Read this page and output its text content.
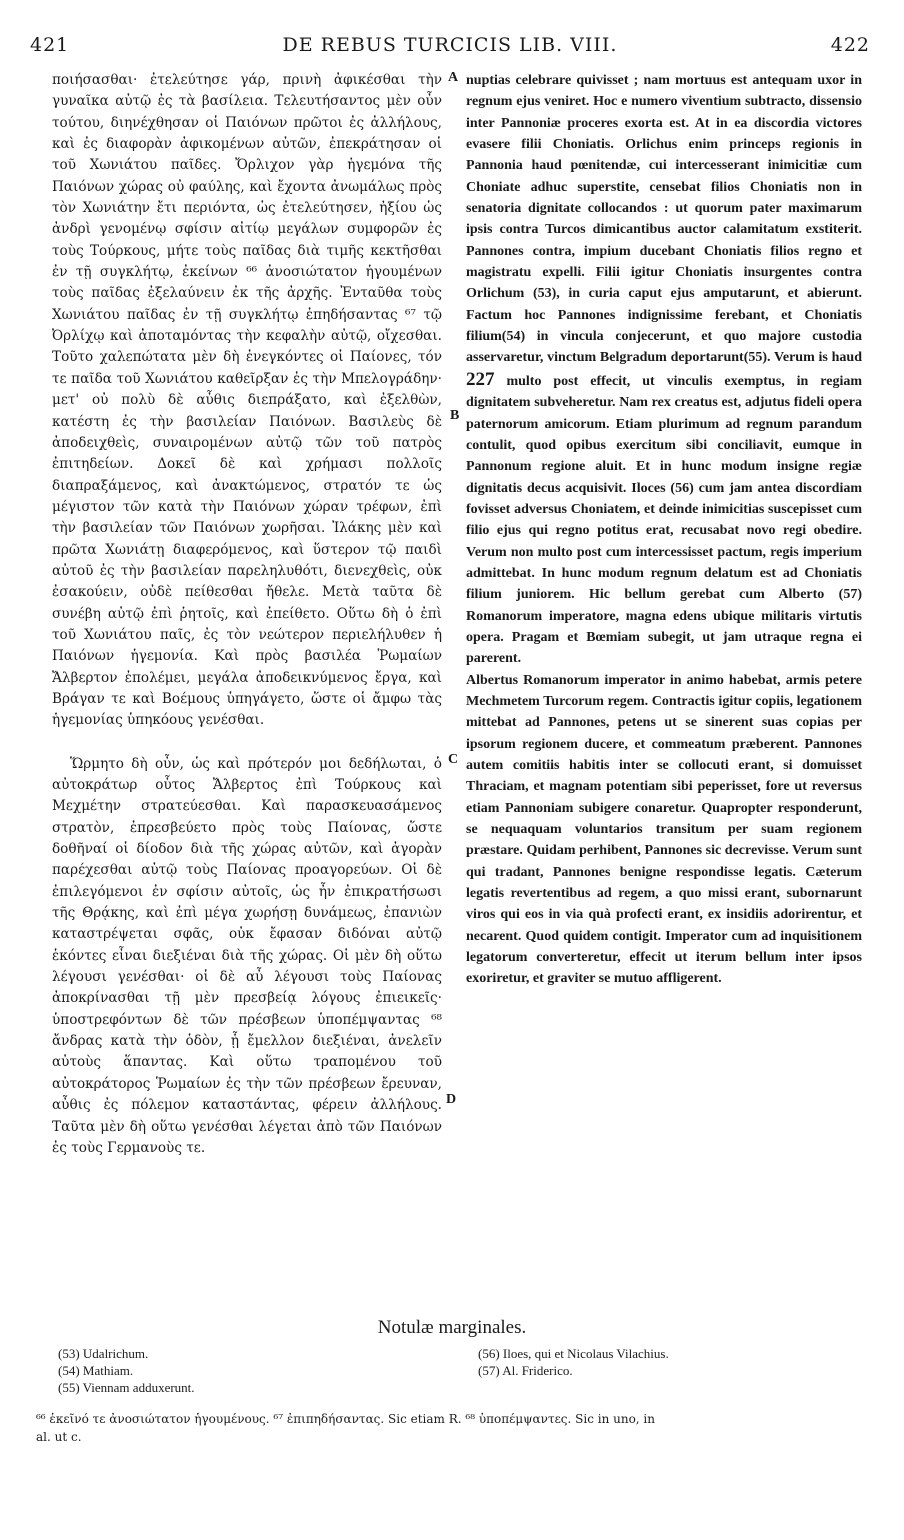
421	DE REBUS TURCICIS LIB. VIII.	422

ποιήσασθαι· ἐτελεύτησε γάρ, πρινὴ ἀφικέσθαι τὴν γυναῖκα αὐτῷ ἐς τὰ βασίλεια. Τελευτήσαντος μὲν οὖν τούτου, διηνέχθησαν οἱ Παιόνων πρῶτοι ἐς ἀλλήλους, καὶ ἐς διαφορὰν ἀφικομένων αὐτῶν, ἐπεκράτησαν οἱ τοῦ Χωνιάτου παῖδες. Ὄρλιχον γὰρ ἡγεμόνα τῆς Παιόνων χώρας οὐ φαύλης, καὶ ἔχοντα ἀνωμάλως πρὸς τὸν Χωνιάτην ἔτι περιόντα, ὡς ἐτελεύτησεν, ἠξίου ὡς ἀνδρὶ γενομένῳ σφίσιν αἰτίῳ μεγάλων συμφορῶν ἐς τοὺς Τούρκους, μήτε τοὺς παῖδας διὰ τιμῆς κεκτῆσθαι ἐν τῇ συγκλήτῳ, ἐκείνων ⁶⁶ ἀνοσιώτατον ἡγουμένων τοὺς παῖδας ἐξελαύνειν ἐκ τῆς ἀρχῆς. Ἐνταῦθα τοὺς Χωνιάτου παῖδας ἐν τῇ συγκλήτῳ ἐπηδήσαντας ⁶⁷ τῷ Ὀρλίχῳ καὶ ἀποταμόντας τὴν κεφαλὴν αὐτῷ, οἴχεσθαι. Τοῦτο χαλεπώτατα μὲν δὴ ἐνεγκόντες οἱ Παίονες, τόν τε παῖδα τοῦ Χωνιάτου καθεῖρξαν ἐς τὴν Μπελογράδην· μετ' οὐ πολὺ δὲ αὖθις διεπράξατο, καὶ ἐξελθὼν, κατέστη ἐς τὴν βασιλείαν Παιόνων. Βασιλεὺς δὲ ἀποδειχθεὶς, συναιρομένων αὐτῷ τῶν τοῦ πατρὸς ἐπιτηδείων. Δοκεῖ δὲ καὶ χρήμασι πολλοῖς διαπραξάμενος, καὶ ἀνακτώμενος, στρατόν τε ὡς μέγιστον τῶν κατὰ τὴν Παιόνων χώραν τρέφων, ἐπὶ τὴν βασιλείαν τῶν Παιόνων χωρῆσαι. Ἰλάκης μὲν καὶ πρῶτα Χωνιάτῃ διαφερόμενος, καὶ ὕστερον τῷ παιδὶ αὐτοῦ ἐς τὴν βασιλείαν παρεληλυθότι, διενεχθεὶς, οὐκ ἐσακούειν, οὐδὲ πείθεσθαι ἤθελε. Μετὰ ταῦτα δὲ συνέβη αὐτῷ ἐπὶ ῥητοῖς, καὶ ἐπείθετο. Οὕτω δὴ ὁ ἐπὶ τοῦ Χωνιάτου παῖς, ἐς τὸν νεώτερον περιελήλυθεν ἡ Παιόνων ἡγεμονία. Καὶ πρὸς βασιλέα Ῥωμαίων Ἄλβερτον ἐπολέμει, μεγάλα ἀποδεικνύμενος ἔργα, καὶ Βράγαν τε καὶ Βοέμους ὑπηγάγετο, ὥστε οἱ ἄμφω τὰς ἡγεμονίας ὑπηκόους γενέσθαι.

Ὥρμητο δὴ οὖν, ὡς καὶ πρότερόν μοι δεδήλωται, ὁ αὐτοκράτωρ οὗτος Ἄλβερτος ἐπὶ Τούρκους καὶ Μεχμέτην στρατεύεσθαι. Καὶ παρασκευασάμενος στρατὸν, ἐπρεσβεύετο πρὸς τοὺς Παίονας, ὥστε δοθῆναί οἱ δίοδον διὰ τῆς χώρας αὐτῶν, καὶ ἀγορὰν παρέχεσθαι αὐτῷ τοὺς Παίονας προαγορεύων. Οἱ δὲ ἐπιλεγόμενοι ἐν σφίσιν αὐτοῖς, ὡς ἦν ἐπικρατήσωσι τῆς Θρᾴκης, καὶ ἐπὶ μέγα χωρήσῃ δυνάμεως, ἐπανιὼν καταστρέψεται σφᾶς, οὐκ ἔφασαν διδόναι αὐτῷ ἑκόντες εἶναι διεξιέναι διὰ τῆς χώρας. Οἱ μὲν δὴ οὕτω λέγουσι γενέσθαι· οἱ δὲ αὖ λέγουσι τοὺς Παίονας ἀποκρίνασθαι τῇ μὲν πρεσβείᾳ λόγους ἐπιεικεῖς· ὑποστρεφόντων δὲ τῶν πρέσβεων ὑποπέμψαντας ⁶⁸ ἄνδρας κατὰ τὴν ὁδὸν, ᾗ ἔμελλον διεξιέναι, ἀνελεῖν αὐτοὺς ἅπαντας. Καὶ οὕτω τραπομένου τοῦ αὐτοκράτορος Ῥωμαίων ἐς τὴν τῶν πρέσβεων ἔρευναν, αὖθις ἐς πόλεμον καταστάντας, φέρειν ἀλλήλους. Ταῦτα μὲν δὴ οὕτω γενέσθαι λέγεται ἀπὸ τῶν Παιόνων ἐς τοὺς Γερμανοὺς τε.

nuptias celebrare quivisset ; nam mortuus est antequam uxor in regnum ejus veniret. Hoc e numero viventium subtracto, dissensio inter Pannoniæ proceres exorta est. At in ea discordia victores evasere filii Choniatis. Orlichus enim princeps regionis in Pannonia haud pœnitendæ, cui intercesserant inimicitiæ cum Choniate adhuc superstite, censebat filios Choniatis non in senatoria dignitate collocandos : ut quorum pater maximarum ipsis contra Turcos dimicantibus auctor calamitatum exstiterit. Pannones contra, impium ducebant Choniatis filios regno et magistratu expelli. Filii igitur Choniatis insurgentes contra Orlichum (53), in curia caput ejus amputarunt, et abierunt. Factum hoc Pannones indignissime ferebant, et Choniatis filium(54) in vincula conjecerunt, et quo majore custodia asservaretur, vinctum Belgradum deportarunt(55). Verum is haud 227 multo post effecit, ut vinculis exemptus, in regiam dignitatem subveheretur. Nam rex creatus est, adjutus fideli opera paternorum amicorum. Etiam plurimum ad regnum parandum contulit, quod opibus exercitum sibi conciliavit, eumque in Pannonum regione aluit. Et in hunc modum insigne regiæ dignitatis decus acquisivit. Iloces (56) cum jam antea discordiam fovisset adversus Choniatem, et deinde inimicitias suscepisset cum filio ejus qui regno potitus erat, recusabat novo regi obedire. Verum non multo post cum intercessisset pactum, regis imperium admittebat. In hunc modum regnum delatum est ad Choniatis filium juniorem. Hic bellum gerebat cum Alberto (57) Romanorum imperatore, magna edens ubique militaris virtutis opera. Pragam et Bœmiam subegit, ut jam utraque regna ei parerent.

Albertus Romanorum imperator in animo habebat, armis petere Mechmetem Turcorum regem. Contractis igitur copiis, legationem mittebat ad Pannones, petens ut se sinerent suas copias per ipsorum regionem ducere, et commeatum præberent. Pannones autem comitiis habitis inter se collocuti erant, si domuisset Thraciam, et magnam potentiam sibi peperisset, fore ut reversus etiam Pannoniam subigere conaretur. Quapropter responderunt, se nequaquam voluntarios transitum per suam regionem præstare. Quidam perhibent, Pannones sic decrevisse. Verum sunt qui tradant, Pannones benigne respondisse legatis. Cæterum legatis revertentibus ad regem, a quo missi erant, subornarunt viros qui eos in via quà profecti erant, ex insidiis adorirentur, et necarent. Quod quidem contigit. Imperator cum ad inquisitionem legatorum converteretur, effecit ut iterum bellum inter ipsos exoriretur, et graviter se mutuo affligerent.

A
B
C
D
Notulæ marginales.
(53) Udalrichum.
(54) Mathiam.
(55) Viennam adduxerunt.
(56) Iloes, qui et Nicolaus Vilachius.
(57) Al. Friderico.
⁶⁶ ἐκεῖνό τε ἀνοσιώτατον ἡγουμένους. ⁶⁷ ἐπιπηδήσαντας. Sic etiam R. ⁶⁸ ὑποπέμψαντες. Sic in uno, in
al. ut c.
